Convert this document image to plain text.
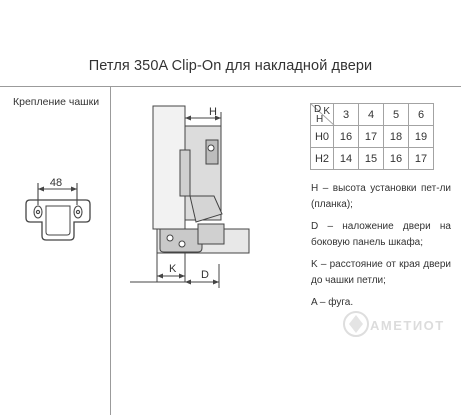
Петля 350A Clip-On для накладной двери
Крепление чашки
48
H
K D
D K
H	3	4	5	6
H0	16	17	18	19
H2	14	15	16	17

H – высота установки пет-ли (планка);

D – наложение двери на боковую панель шкафа;

K – расстояние от края двери до чашки петли;

A – фуга.

АМЕТИОТ
